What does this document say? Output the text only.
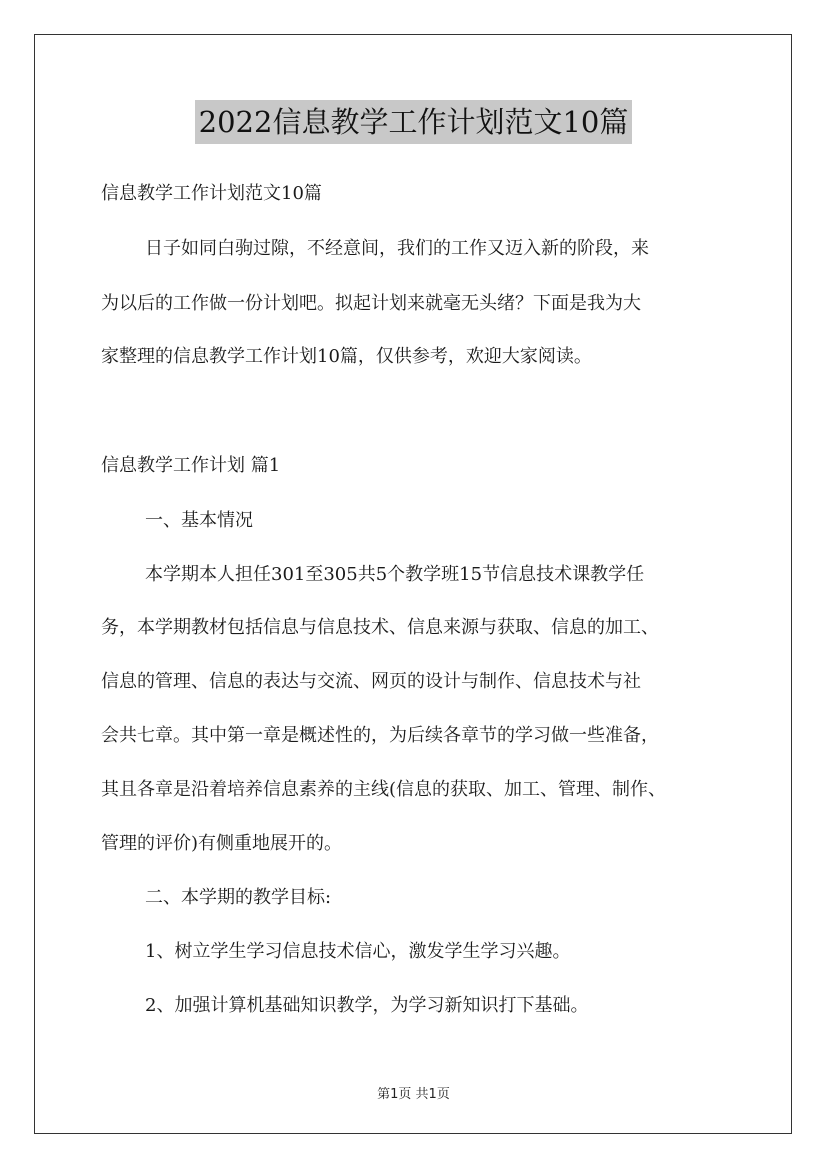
2022信息教学工作计划范文10篇
信息教学工作计划范文10篇
日子如同白驹过隙，不经意间，我们的工作又迈入新的阶段，来
为以后的工作做一份计划吧。拟起计划来就毫无头绪？下面是我为大
家整理的信息教学工作计划10篇，仅供参考，欢迎大家阅读。
信息教学工作计划 篇1
一、基本情况
本学期本人担任301至305共5个教学班15节信息技术课教学任
务，本学期教材包括信息与信息技术、信息来源与获取、信息的加工、
信息的管理、信息的表达与交流、网页的设计与制作、信息技术与社
会共七章。其中第一章是概述性的，为后续各章节的学习做一些准备，
其且各章是沿着培养信息素养的主线(信息的获取、加工、管理、制作、
管理的评价)有侧重地展开的。
二、本学期的教学目标:
1、树立学生学习信息技术信心，激发学生学习兴趣。
2、加强计算机基础知识教学，为学习新知识打下基础。
第1页 共1页
